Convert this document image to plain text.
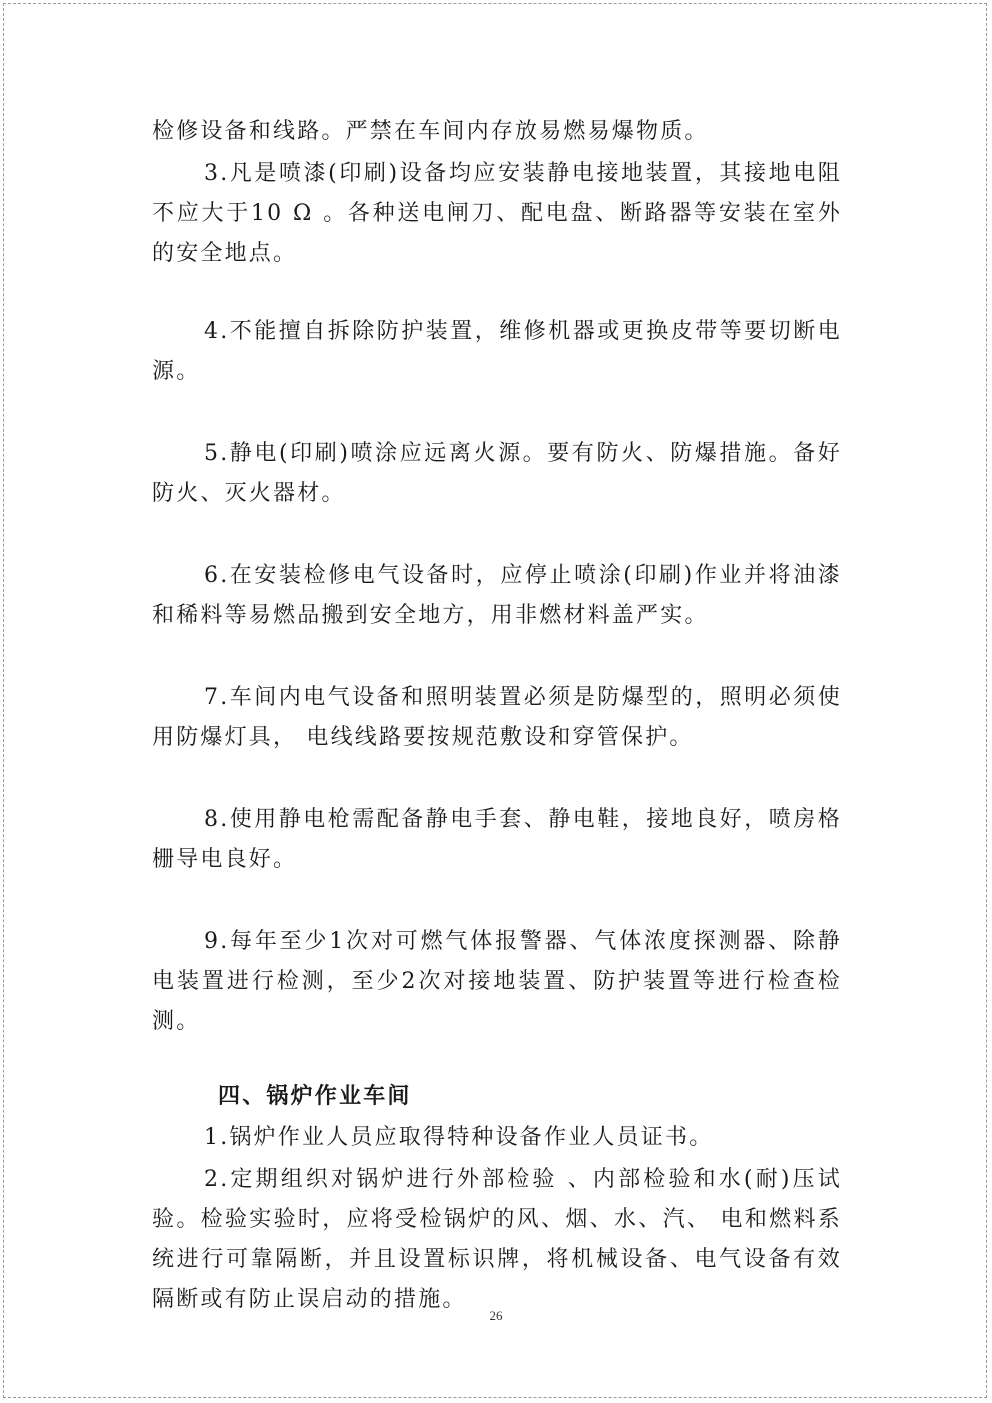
检修设备和线路。严禁在车间内存放易燃易爆物质。

3.凡是喷漆(印刷)设备均应安装静电接地装置，其接地电阻不应大于10 Ω 。各种送电闸刀、配电盘、断路器等安装在室外的安全地点。

4.不能擅自拆除防护装置，维修机器或更换皮带等要切断电源。

5.静电(印刷)喷涂应远离火源。要有防火、防爆措施。备好防火、灭火器材。

6.在安装检修电气设备时，应停止喷涂(印刷)作业并将油漆和稀料等易燃品搬到安全地方，用非燃材料盖严实。

7.车间内电气设备和照明装置必须是防爆型的，照明必须使用防爆灯具， 电线线路要按规范敷设和穿管保护。

8.使用静电枪需配备静电手套、静电鞋，接地良好，喷房格栅导电良好。

9.每年至少1次对可燃气体报警器、气体浓度探测器、除静电装置进行检测，至少2次对接地装置、防护装置等进行检查检测。

四、锅炉作业车间

1.锅炉作业人员应取得特种设备作业人员证书。

2.定期组织对锅炉进行外部检验 、内部检验和水(耐)压试验。检验实验时，应将受检锅炉的风、烟、水、汽、 电和燃料系统进行可靠隔断，并且设置标识牌，将机械设备、电气设备有效隔断或有防止误启动的措施。

26
